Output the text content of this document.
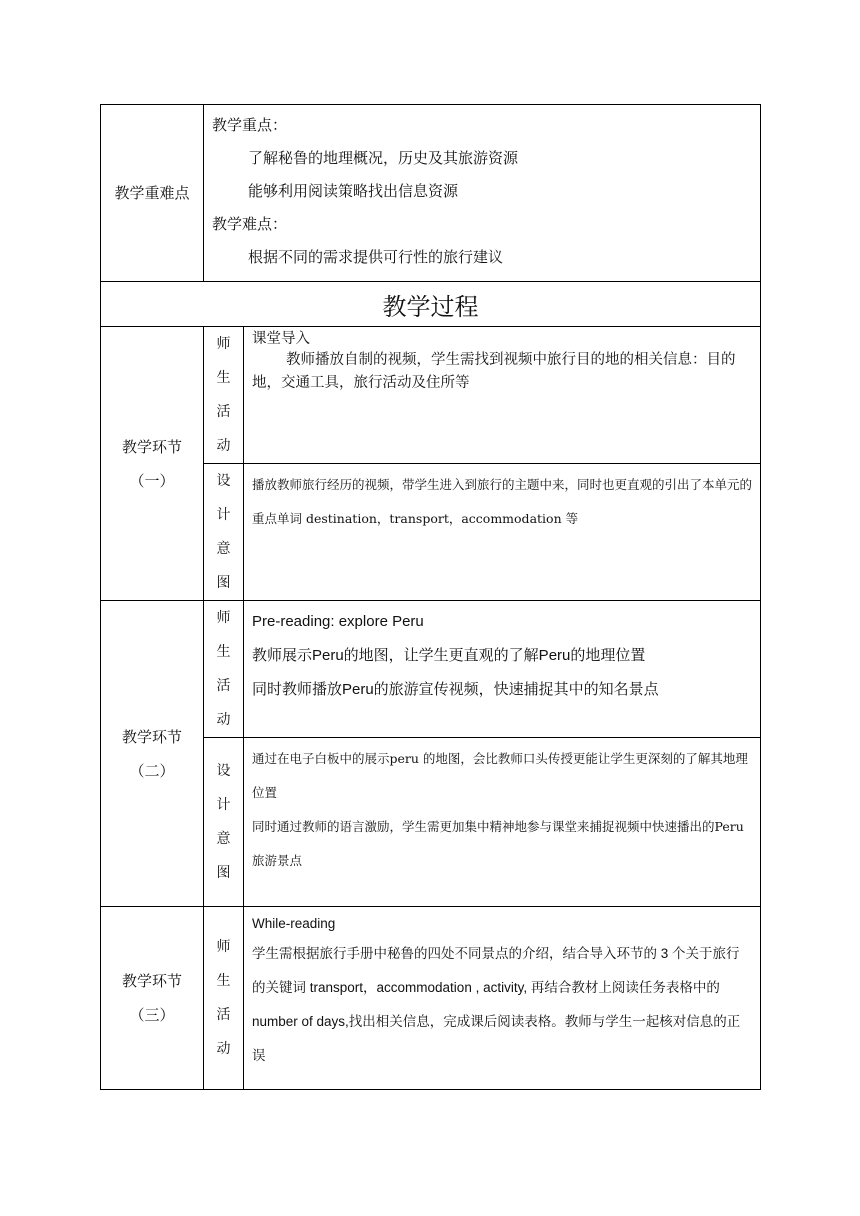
教学重难点	教学重点：
了解秘鲁的地理概况，历史及其旅游资源
能够利用阅读策略找出信息资源
教学难点：
根据不同的需求提供可行性的旅行建议	

教学过程		

教学环节
（一）	师
生
活
动	课堂导入
教师播放自制的视频，学生需找到视频中旅行目的地的相关信息：目的地，交通工具，旅行活动及住所等

	设
计
意
图	播放教师旅行经历的视频，带学生进入到旅行的主题中来，同时也更直观的引出了本单元的重点单词 destination，transport，accommodation 等

教学环节
（二）	师
生
活
动	Pre-reading: explore Peru
教师展示Peru的地图，让学生更直观的了解Peru的地理位置
同时教师播放Peru的旅游宣传视频，快速捕捉其中的知名景点

	设
计
意
图	通过在电子白板中的展示peru 的地图，会比教师口头传授更能让学生更深刻的了解其地理位置
同时通过教师的语言激励，学生需更加集中精神地参与课堂来捕捉视频中快速播出的Peru 旅游景点

教学环节
（三）	师
生
活
动	While-reading
学生需根据旅行手册中秘鲁的四处不同景点的介绍，结合导入环节的 3 个关于旅行的关键词 transport，accommodation , activity, 再结合教材上阅读任务表格中的 number of days,找出相关信息，完成课后阅读表格。教师与学生一起核对信息的正误
